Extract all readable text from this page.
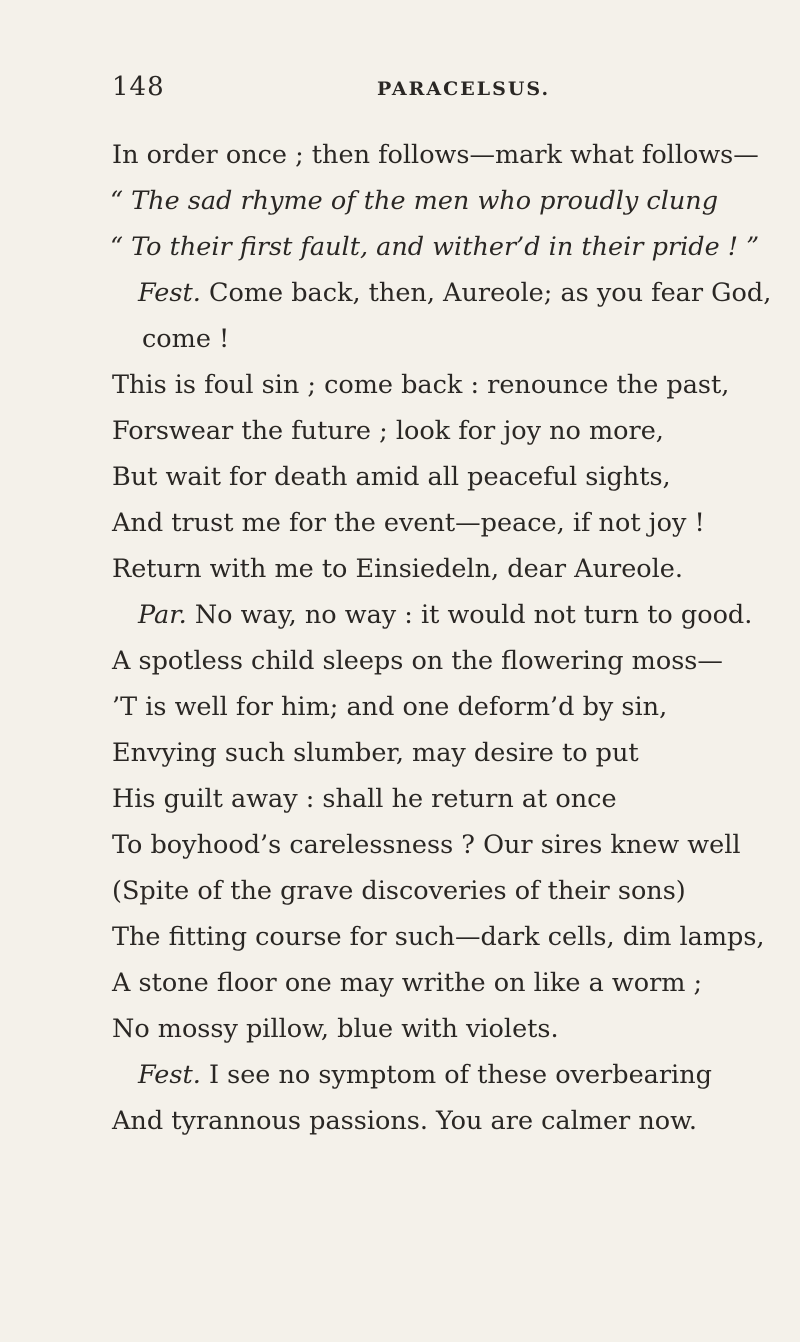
148	PARACELSUS.
In order once ; then follows—mark what follows—
“ The sad rhyme of the men who proudly clung
“ To their first fault, and wither’d in their pride ! ”
Fest. Come back, then, Aureole; as you fear God,
come !
This is foul sin ; come back : renounce the past,
Forswear the future ; look for joy no more,
But wait for death amid all peaceful sights,
And trust me for the event—peace, if not joy !
Return with me to Einsiedeln, dear Aureole.
Par. No way, no way : it would not turn to good.
A spotless child sleeps on the flowering moss—
’T is well for him; and one deform’d by sin,
Envying such slumber, may desire to put
His guilt away : shall he return at once
To boyhood’s carelessness ? Our sires knew well
(Spite of the grave discoveries of their sons)
The fitting course for such—dark cells, dim lamps,
A stone floor one may writhe on like a worm ;
No mossy pillow, blue with violets.
Fest. I see no symptom of these overbearing
And tyrannous passions. You are calmer now.
